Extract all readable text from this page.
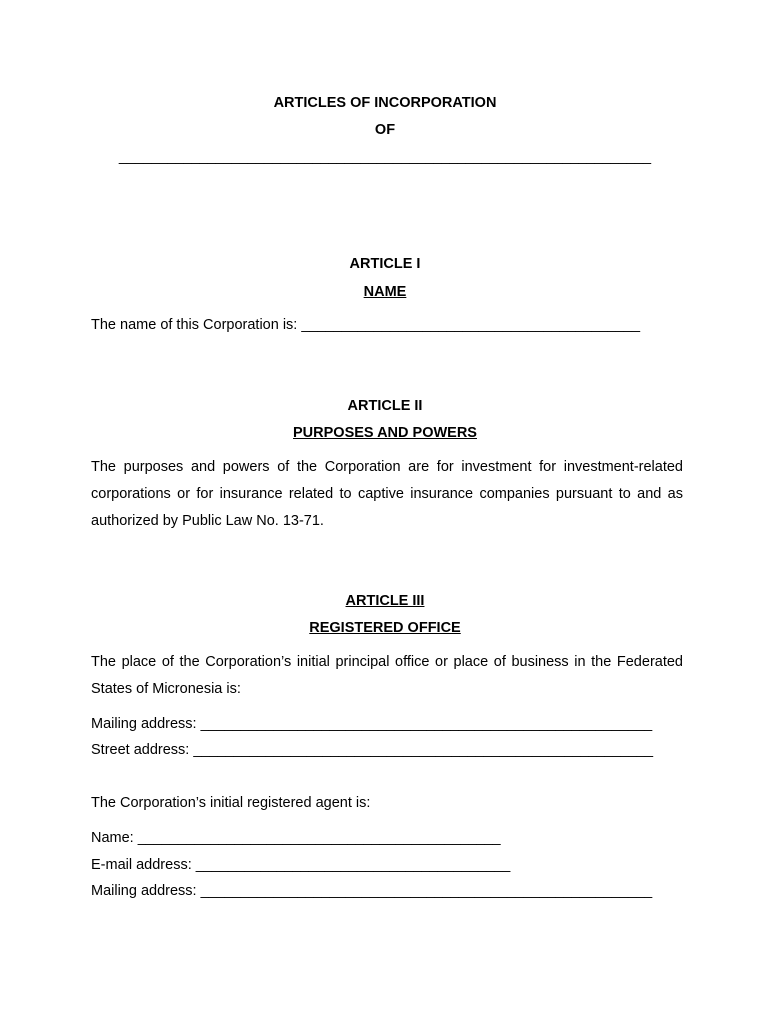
ARTICLES OF INCORPORATION
OF
__________________________________________________________________
ARTICLE I
NAME
The name of this Corporation is: __________________________________________
ARTICLE II
PURPOSES AND POWERS
The purposes and powers of the Corporation are for investment for investment-related
corporations or for insurance related to captive insurance companies pursuant to and as
authorized by Public Law No. 13-71.
ARTICLE III
REGISTERED OFFICE
The place of the Corporation’s initial principal office or place of business in the Federated
States of Micronesia is:
Mailing address: ________________________________________________________
Street address: _________________________________________________________
The Corporation’s initial registered agent is:
Name: _____________________________________________
E-mail address: _______________________________________
Mailing address: ________________________________________________________
